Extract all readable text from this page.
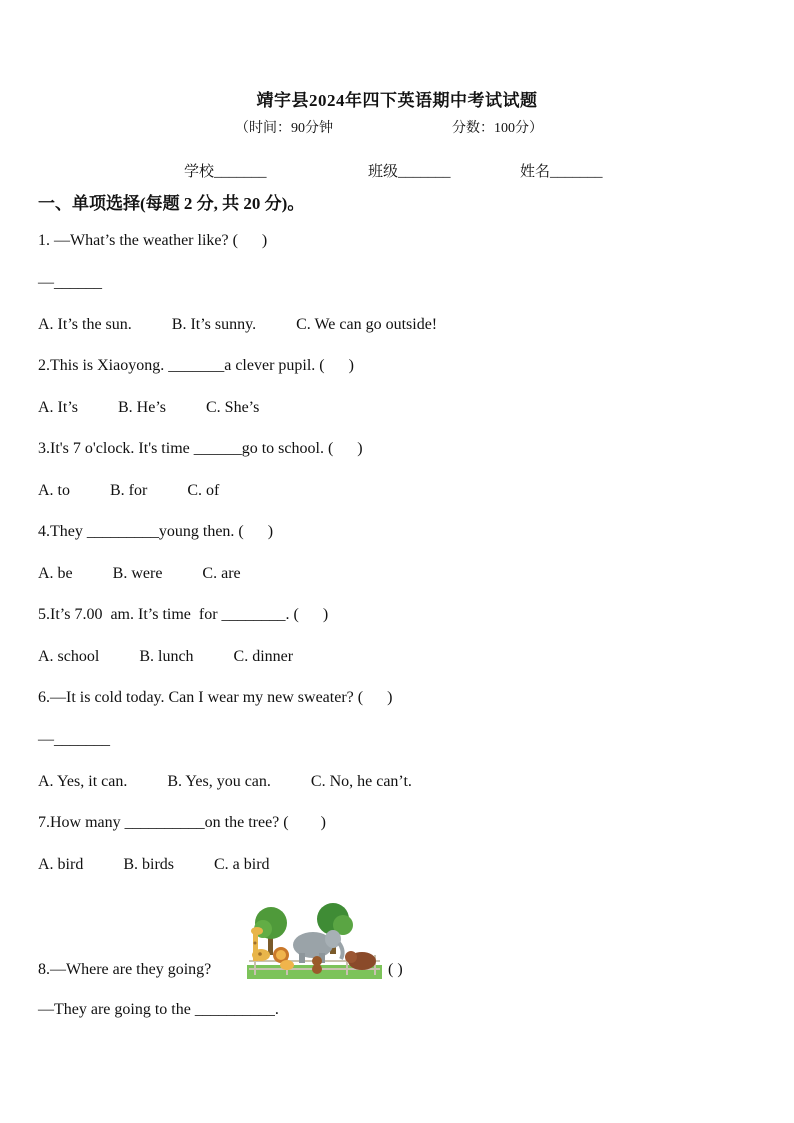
靖宇县2024年四下英语期中考试试题
（时间：90分钟	分数：100分）
学校_______	班级_______	姓名_______
一、单项选择(每题 2 分, 共 20 分)。
1. —What’s the weather like? (      )
—______
A. It’s the sun.          B. It’s sunny.          C. We can go outside!
2.This is Xiaoyong. _______a clever pupil. (      )
A. It’s          B. He’s          C. She’s
3.It's 7 o'clock. It's time ______go to school. (      )
A. to          B. for          C. of
4.They _________young then. (      )
A. be          B. were          C. are
5.It’s 7.00  am. It’s time  for ________. (      )
A. school          B. lunch          C. dinner
6.—It is cold today. Can I wear my new sweater? (      )
—_______
A. Yes, it can.          B. Yes, you can.          C. No, he can’t.
7.How many __________on the tree? (        )
A. bird          B. birds          C. a bird
8.—Where are they going?	( )
—They are going to the __________.
